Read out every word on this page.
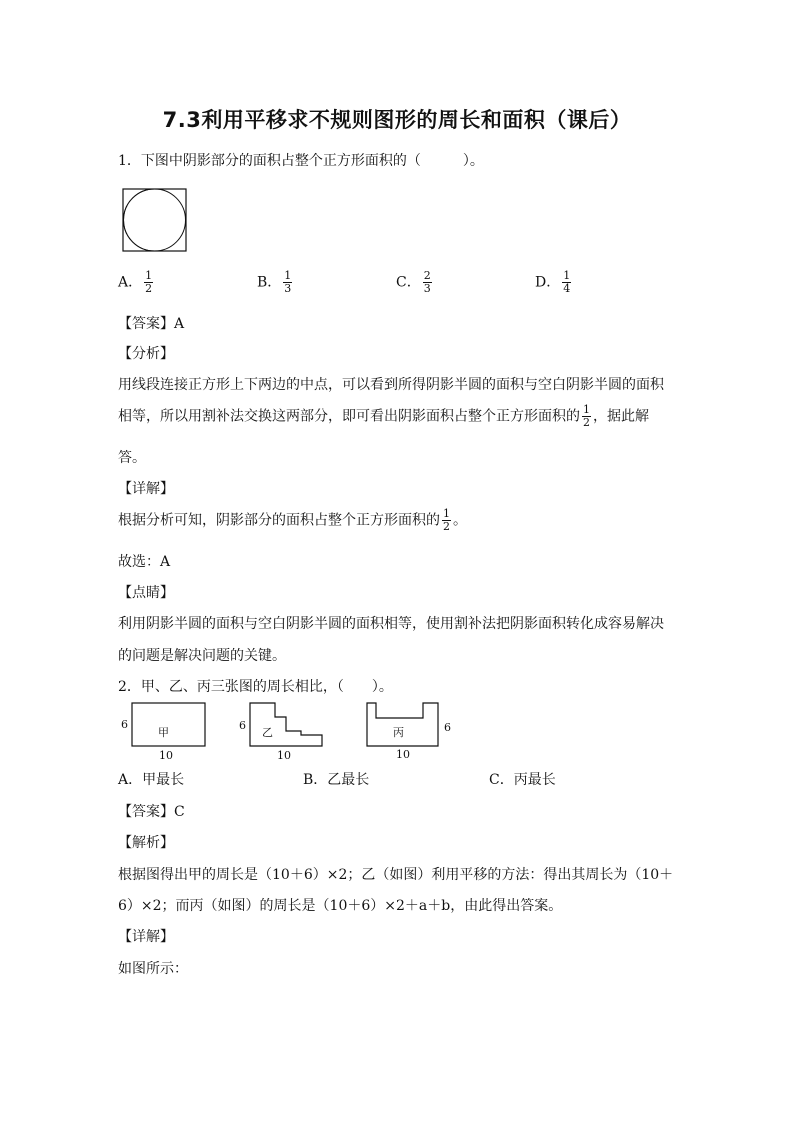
7.3利用平移求不规则图形的周长和面积（课后）
1．下图中阴影部分的面积占整个正方形面积的（　　　）。
A． $\frac{1}{2}$	B． $\frac{1}{3}$	C． $\frac{2}{3}$	D． $\frac{1}{4}$
【答案】A
【分析】
用线段连接正方形上下两边的中点，可以看到所得阴影半圆的面积与空白阴影半圆的面积
相等，所以用割补法交换这两部分，即可看出阴影面积占整个正方形面积的 $\frac{1}{2}$ ，据此解
答。
【详解】
根据分析可知，阴影部分的面积占整个正方形面积的 $\frac{1}{2}$ 。
故选：A
【点睛】
利用阴影半圆的面积与空白阴影半圆的面积相等，使用割补法把阴影面积转化成容易解决
的问题是解决问题的关键。
2．甲、乙、丙三张图的周长相比，（　　）。
甲
6
10
乙
6
10
丙	6
10
A．甲最长	B．乙最长	C．丙最长
【答案】C
【解析】
根据图得出甲的周长是（10＋6）×2；乙（如图）利用平移的方法：得出其周长为（10＋
6）×2；而丙（如图）的周长是（10＋6）×2＋a＋b，由此得出答案。
【详解】
如图所示：
